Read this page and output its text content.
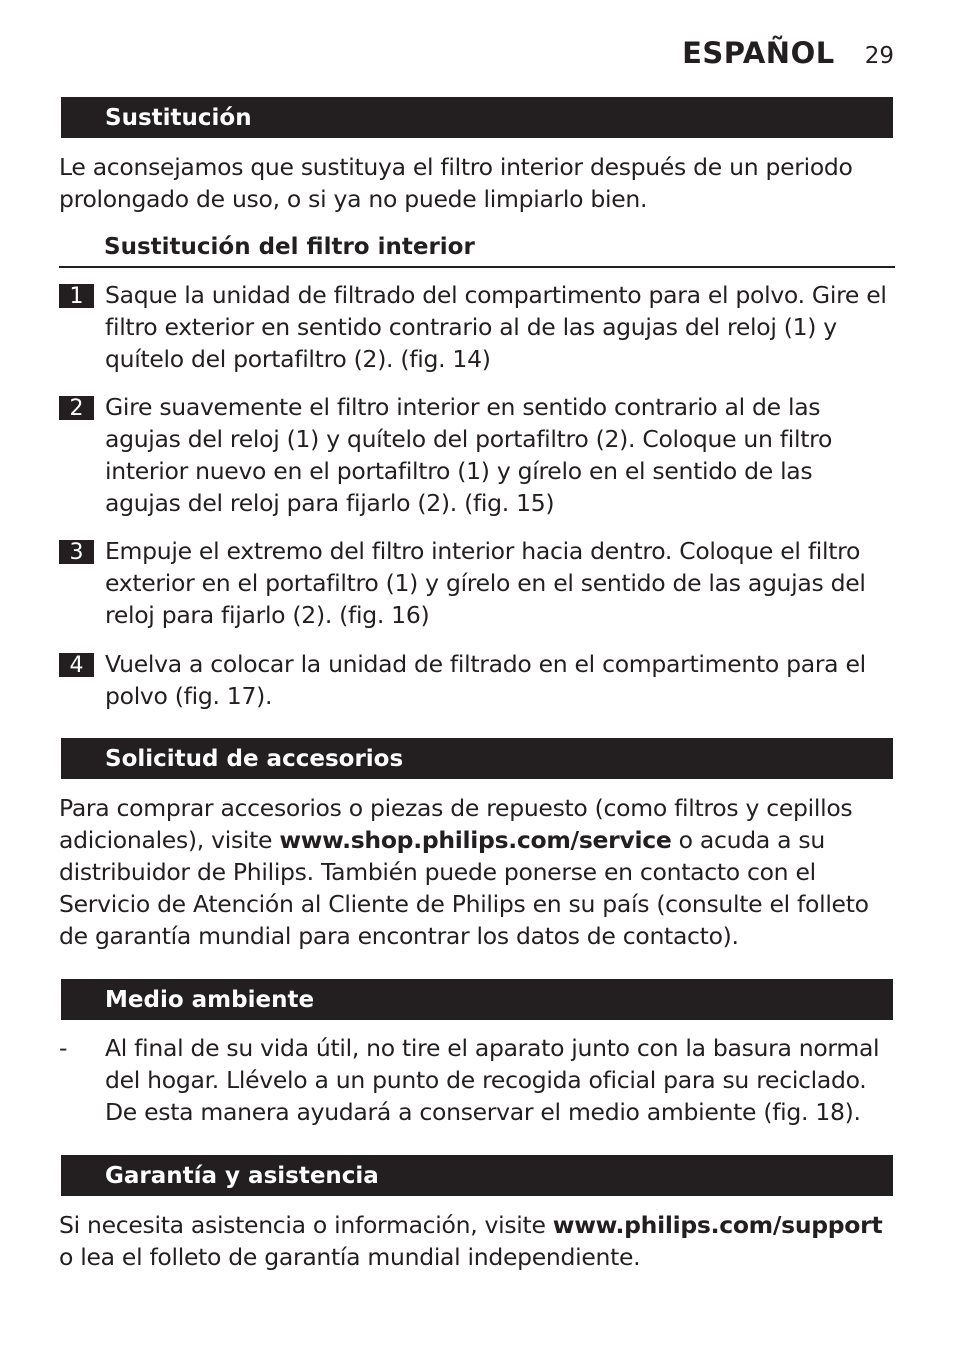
ESPAÑOL 29
Sustitución

Le aconsejamos que sustituya el filtro interior después de un periodo prolongado de uso, o si ya no puede limpiarlo bien.

Sustitución del filtro interior
1 Saque la unidad de filtrado del compartimento para el polvo. Gire el filtro exterior en sentido contrario al de las agujas del reloj (1) y quítelo del portafiltro (2). (fig. 14)

2 Gire suavemente el filtro interior en sentido contrario al de las agujas del reloj (1) y quítelo del portafiltro (2). Coloque un filtro interior nuevo en el portafiltro (1) y gírelo en el sentido de las agujas del reloj para fijarlo (2). (fig. 15)

3 Empuje el extremo del filtro interior hacia dentro. Coloque el filtro exterior en el portafiltro (1) y gírelo en el sentido de las agujas del reloj para fijarlo (2). (fig. 16)

4 Vuelva a colocar la unidad de filtrado en el compartimento para el polvo (fig. 17).

Solicitud de accesorios

Para comprar accesorios o piezas de repuesto (como filtros y cepillos adicionales), visite www.shop.philips.com/service o acuda a su distribuidor de Philips. También puede ponerse en contacto con el Servicio de Atención al Cliente de Philips en su país (consulte el folleto de garantía mundial para encontrar los datos de contacto).

Medio ambiente
- Al final de su vida útil, no tire el aparato junto con la basura normal del hogar. Llévelo a un punto de recogida oficial para su reciclado. De esta manera ayudará a conservar el medio ambiente (fig. 18).

Garantía y asistencia

Si necesita asistencia o información, visite www.philips.com/support o lea el folleto de garantía mundial independiente.
